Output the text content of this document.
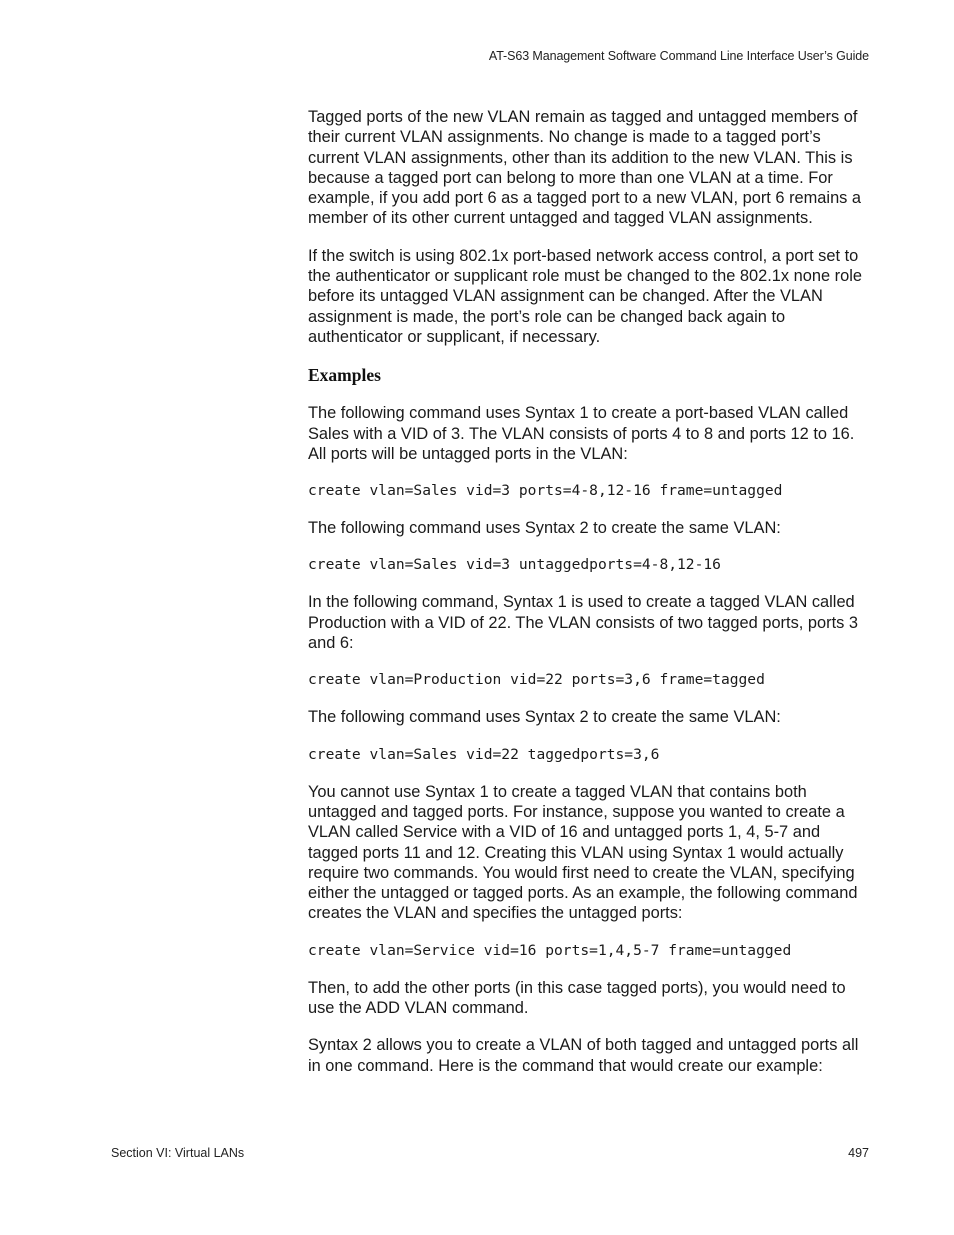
AT-S63 Management Software Command Line Interface User’s Guide

Tagged ports of the new VLAN remain as tagged and untagged members of their current VLAN assignments. No change is made to a tagged port’s current VLAN assignments, other than its addition to the new VLAN. This is because a tagged port can belong to more than one VLAN at a time. For example, if you add port 6 as a tagged port to a new VLAN, port 6 remains a member of its other current untagged and tagged VLAN assignments.

If the switch is using 802.1x port-based network access control, a port set to the authenticator or supplicant role must be changed to the 802.1x none role before its untagged VLAN assignment can be changed. After the VLAN assignment is made, the port’s role can be changed back again to authenticator or supplicant, if necessary.

Examples

The following command uses Syntax 1 to create a port-based VLAN called Sales with a VID of 3. The VLAN consists of ports 4 to 8 and ports 12 to 16. All ports will be untagged ports in the VLAN:

create vlan=Sales vid=3 ports=4-8,12-16 frame=untagged

The following command uses Syntax 2 to create the same VLAN:

create vlan=Sales vid=3 untaggedports=4-8,12-16

In the following command, Syntax 1 is used to create a tagged VLAN called Production with a VID of 22. The VLAN consists of two tagged ports, ports 3 and 6:

create vlan=Production vid=22 ports=3,6 frame=tagged

The following command uses Syntax 2 to create the same VLAN:

create vlan=Sales vid=22 taggedports=3,6

You cannot use Syntax 1 to create a tagged VLAN that contains both untagged and tagged ports. For instance, suppose you wanted to create a VLAN called Service with a VID of 16 and untagged ports 1, 4, 5-7 and tagged ports 11 and 12. Creating this VLAN using Syntax 1 would actually require two commands. You would first need to create the VLAN, specifying either the untagged or tagged ports. As an example, the following command creates the VLAN and specifies the untagged ports:

create vlan=Service vid=16 ports=1,4,5-7 frame=untagged

Then, to add the other ports (in this case tagged ports), you would need to use the ADD VLAN command.

Syntax 2 allows you to create a VLAN of both tagged and untagged ports all in one command. Here is the command that would create our example:

Section VI: Virtual LANs	497
